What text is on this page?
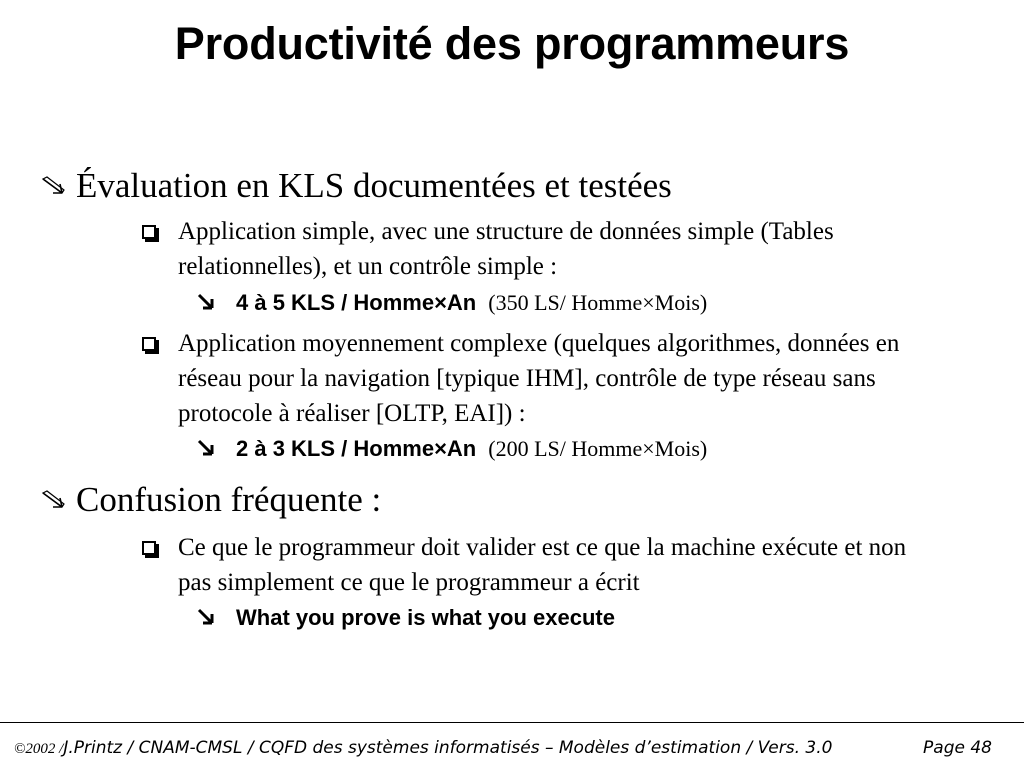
Productivité des programmeurs
Évaluation en KLS documentées et testées
Application simple, avec une structure de données simple (Tables
relationnelles), et un contrôle simple :
4 à 5 KLS / Homme×An (350 LS/ Homme×Mois)
Application moyennement complexe (quelques algorithmes, données en
réseau pour la navigation [typique IHM], contrôle de type réseau sans
protocole à réaliser [OLTP, EAI]) :
2 à 3 KLS / Homme×An (200 LS/ Homme×Mois)
Confusion fréquente :
Ce que le programmeur doit valider est ce que la machine exécute et non
pas simplement ce que le programmeur a écrit
What you prove is what you execute
©2002 /J.Printz / CNAM-CMSL / CQFD des systèmes informatisés – Modèles d’estimation / Vers. 3.0	Page 48
